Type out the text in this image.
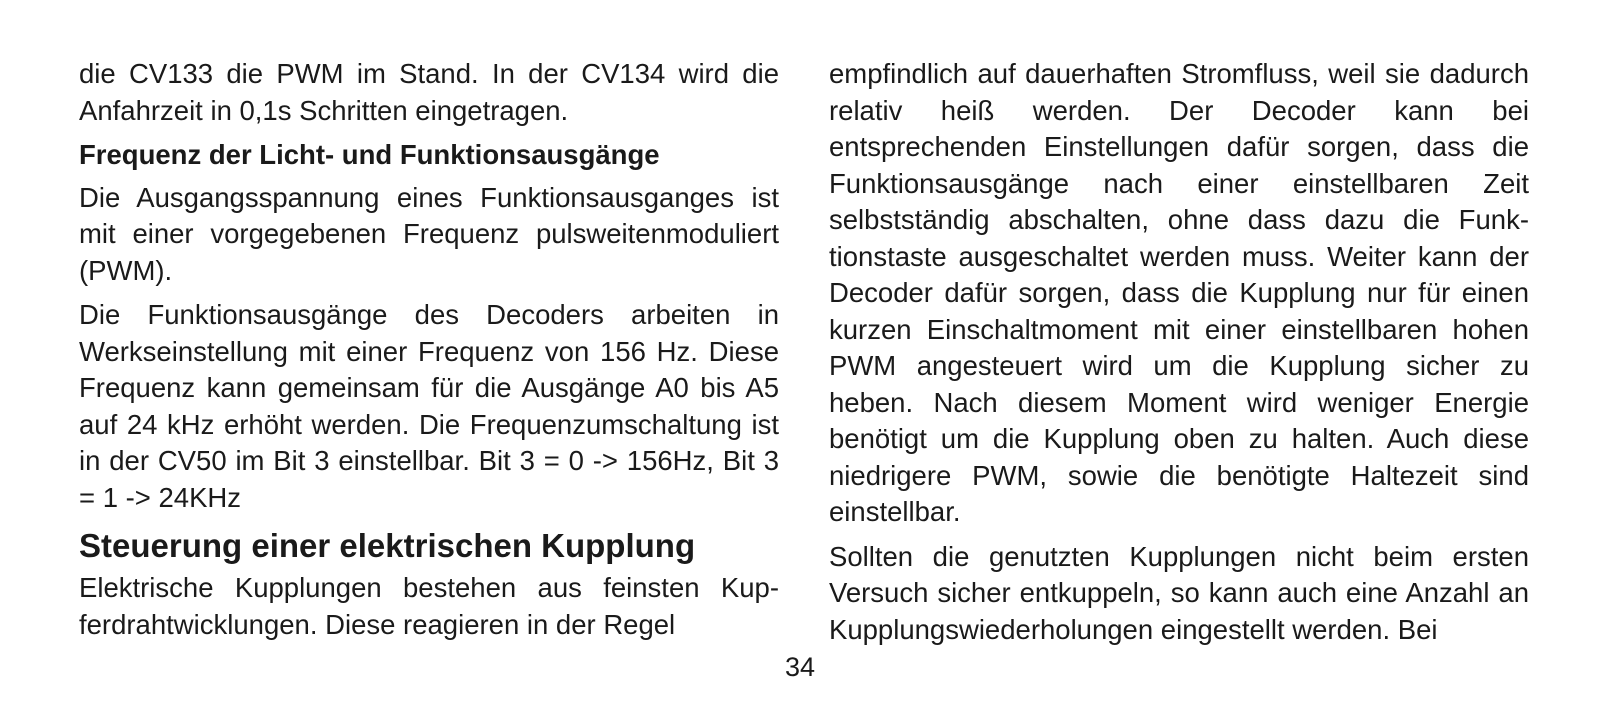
die CV133 die PWM im Stand. In der CV134 wird die Anfahrzeit in 0,1s Schritten eingetragen.

Frequenz der Licht- und Funktionsausgänge

Die Ausgangsspannung eines Funktionsausganges ist mit einer vorgegebenen Frequenz pulsweitenmoduliert (PWM).

Die Funktionsausgänge des Decoders arbeiten in Werkseinstellung mit einer Frequenz von 156 Hz. Diese Frequenz kann gemeinsam für die Ausgänge A0 bis A5 auf 24 kHz erhöht werden. Die Frequenzumschaltung ist in der CV50 im Bit 3 einstellbar. Bit 3 = 0 -> 156Hz, Bit 3 = 1 -> 24KHz

Steuerung einer elektrischen Kupplung

Elektrische Kupplungen bestehen aus feinsten Kupferdrahtwicklungen. Diese reagieren in der Regel

empfindlich auf dauerhaften Stromfluss, weil sie dadurch relativ heiß werden. Der Decoder kann bei entsprechenden Einstellungen dafür sorgen, dass die Funktionsausgänge nach einer einstellbaren Zeit selbstständig abschalten, ohne dass dazu die Funktionstaste ausgeschaltet werden muss. Weiter kann der Decoder dafür sorgen, dass die Kupplung nur für einen kurzen Einschaltmoment mit einer einstellbaren hohen PWM angesteuert wird um die Kupplung sicher zu heben. Nach diesem Moment wird weniger Energie benötigt um die Kupplung oben zu halten. Auch diese niedrigere PWM, sowie die benötigte Haltezeit sind einstellbar.

Sollten die genutzten Kupplungen nicht beim ersten Versuch sicher entkuppeln, so kann auch eine Anzahl an Kupplungswiederholungen eingestellt werden. Bei

34
